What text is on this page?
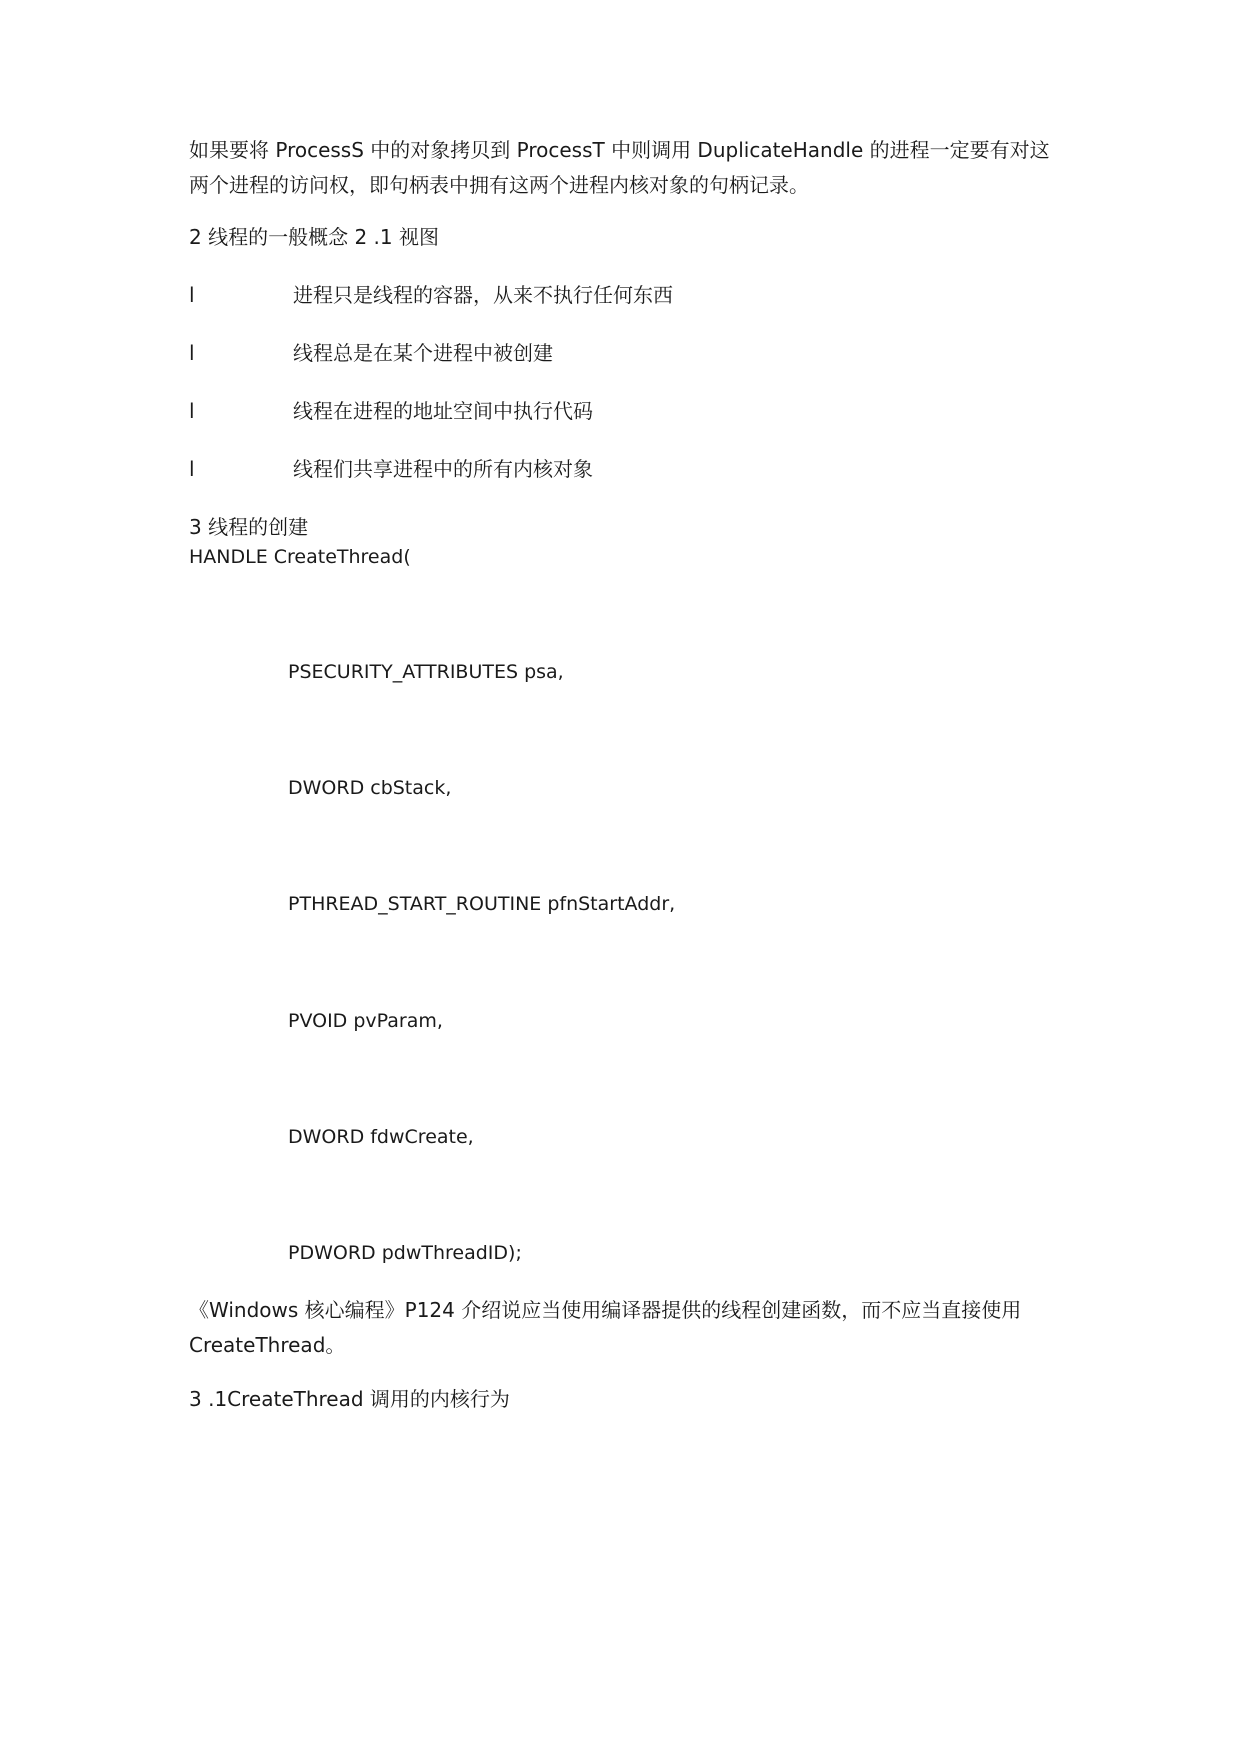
如果要将 ProcessS 中的对象拷贝到 ProcessT 中则调用 DuplicateHandle 的进程一定要有对这两个进程的访问权，即句柄表中拥有这两个进程内核对象的句柄记录。
2 线程的一般概念 2 .1 视图
l	进程只是线程的容器，从来不执行任何东西
l	线程总是在某个进程中被创建
l	线程在进程的地址空间中执行代码
l	线程们共享进程中的所有内核对象
3 线程的创建
HANDLE CreateThread(
PSECURITY_ATTRIBUTES psa,
DWORD cbStack,
PTHREAD_START_ROUTINE pfnStartAddr,
PVOID pvParam,
DWORD fdwCreate,
PDWORD pdwThreadID);
《Windows 核心编程》P124 介绍说应当使用编译器提供的线程创建函数，而不应当直接使用 CreateThread。
3 .1CreateThread 调用的内核行为
